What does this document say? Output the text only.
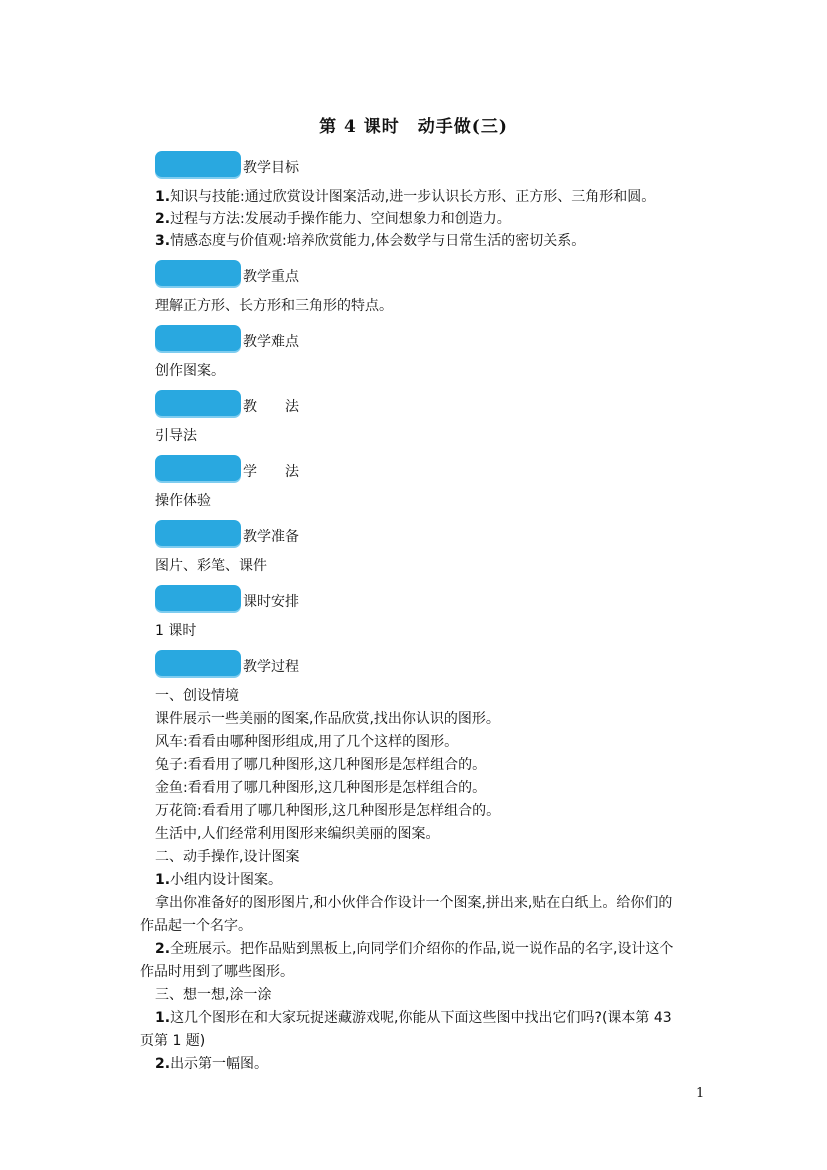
第 4 课时　动手做(三)
教学目标
1.知识与技能:通过欣赏设计图案活动,进一步认识长方形、正方形、三角形和圆。
2.过程与方法:发展动手操作能力、空间想象力和创造力。
3.情感态度与价值观:培养欣赏能力,体会数学与日常生活的密切关系。
教学重点
理解正方形、长方形和三角形的特点。
教学难点
创作图案。
教　　法
引导法
学　　法
操作体验
教学准备
图片、彩笔、课件
课时安排
1 课时
教学过程
一、创设情境
课件展示一些美丽的图案,作品欣赏,找出你认识的图形。
风车:看看由哪种图形组成,用了几个这样的图形。
兔子:看看用了哪几种图形,这几种图形是怎样组合的。
金鱼:看看用了哪几种图形,这几种图形是怎样组合的。
万花筒:看看用了哪几种图形,这几种图形是怎样组合的。
生活中,人们经常利用图形来编织美丽的图案。
二、动手操作,设计图案
1.小组内设计图案。
拿出你准备好的图形图片,和小伙伴合作设计一个图案,拼出来,贴在白纸上。给你们的
作品起一个名字。
2.全班展示。把作品贴到黑板上,向同学们介绍你的作品,说一说作品的名字,设计这个
作品时用到了哪些图形。
三、想一想,涂一涂
1.这几个图形在和大家玩捉迷藏游戏呢,你能从下面这些图中找出它们吗?(课本第 43
页第 1 题)
2.出示第一幅图。
1
